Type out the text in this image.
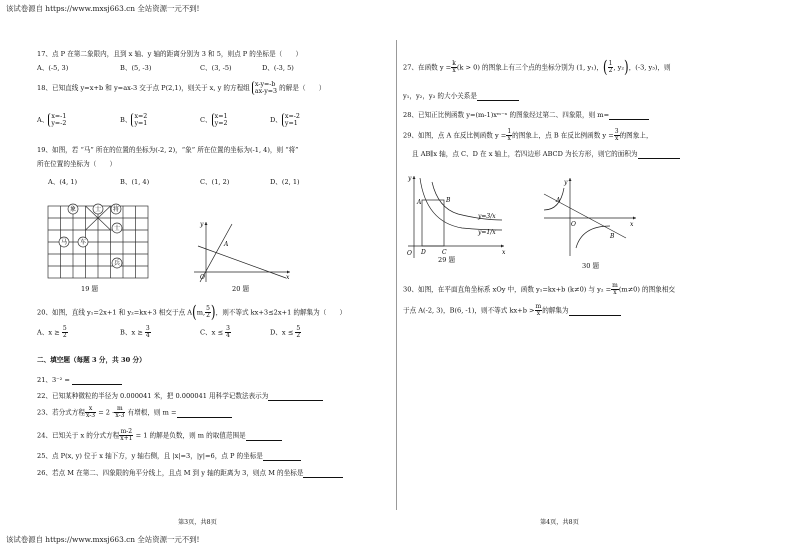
该试卷源自 https://www.mxsj663.cn 全站资源一元不到!
该试卷源自 https://www.mxsj663.cn 全站资源一元不到!
第3页，共8页	第4页，共8页
17、点 P 在第二象限内，且到 x 轴、y 轴的距离分别为 3 和 5，则点 P 的坐标是（　　）
A、(-5, 3)	B、(5, -3)	C、(3, -5)	D、(-3, 5)
18、已知直线 y=x+b 和 y=ax-3 交于点 P(2,1)，则关于 x, y 的方程组 x-y=-b
ax-y=3 的解是（　　）
A、 x=-1
y=-2	B、 x=2
y=1	C、 x=1
y=2	D、 x=-2
y=1
19、如图，若 “马” 所在的位置的坐标为(-2, 2)，“象” 所在位置的坐标为(-1, 4)，则 “将”
所在位置的坐标为（　　）
A、(4, 1)	B、(1, 4)	C、(1, 2)	D、(2, 1)
象	士 将
士
马 车
兵
19 题
y
x
O
A
20 题
20、如图，直线 y₁=2x+1 和 y₂=kx+3 相交于点 A(m, $\frac{5}{2}$ )，则不等式 kx+3≤2x+1 的解集为（　　）
A、$x \ge \frac{5}{2}$	B、$x \ge \frac{3}{4}$	C、$x \le \frac{3}{4}$	D、$x \le \frac{5}{2}$
二、填空题（每题 3 分，共 30 分）
21、3⁻² =
22、已知某种微粒的半径为 0.000041 米，把 0.000041 用科学记数法表示为
23、若分式方程 $\frac{x}{x-3} = 2 - \frac{m}{x-3}$ 有增根，则 m =
24、已知关于 x 的分式方程 $\frac{m-2}{x+1} = 1$ 的解是负数，则 m 的取值范围是
25、点 P(x, y) 位于 x 轴下方，y 轴右侧，且 |x|=3，|y|=6，点 P 的坐标是
26、若点 M 在第二、四象限的角平分线上，且点 M 到 y 轴的距离为 3，则点 M 的坐标是
27、在函数 $y = \frac{k}{x} (k > 0)$ 的图象上有三个点的坐标分别为 (1, y₁)，( $\frac{1}{2}$ , y₂)，(-3, y₃)，则
y₁，y₂，y₃ 的大小关系是
28、已知正比例函数 y=(m-1)xᵐ⁻ⁿ 的图象经过第二、四象限，则 m=
29、如图，点 A 在反比例函数 $y = \frac{1}{x}$ 的图象上，点 B 在反比例函数 $y = \frac{3}{x}$ 的图象上，
且 AB∥x 轴，点 C、D 在 x 轴上，若四边形 ABCD 为长方形，则它的面积为
y
x
O
A	B
D	C
y=3/x
y=1/x
29 题
y
x
O
A
B
30 题
30、如图，在平面直角坐标系 xOy 中，函数 y₁=kx+b (k≠0) 与 $y_2 = \frac{m}{x} (m\ne 0)$ 的图象相交
于点 A(-2, 3)，B(6, -1)，则不等式 $kx+b > \frac{m}{x}$ 的解集为
